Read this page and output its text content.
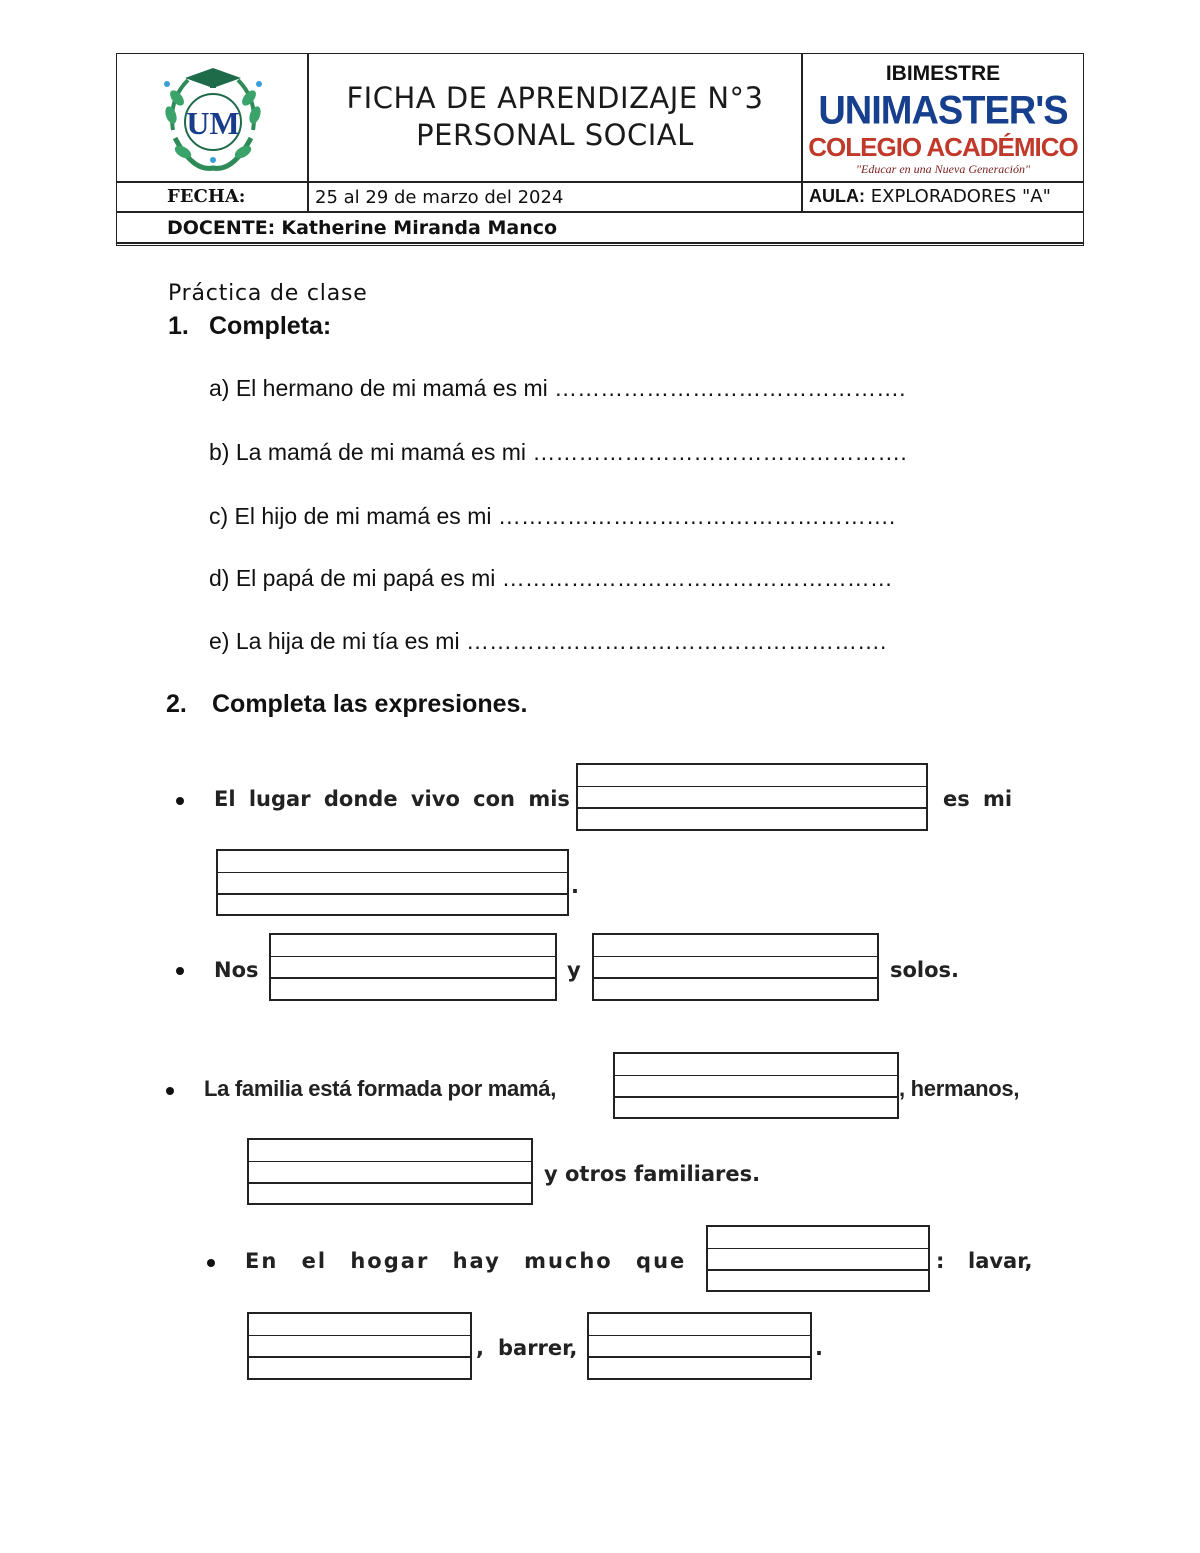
UM
FICHA DE APRENDIZAJE N°3
PERSONAL SOCIAL
IBIMESTRE
UNIMASTER'S
COLEGIO ACADÉMICO
"Educar en una Nueva Generación"
FECHA:	25 al 29 de marzo del 2024	AULA: EXPLORADORES "A"
DOCENTE: Katherine Miranda Manco
Práctica de clase
1. Completa:
a) El hermano de mi mamá es mi ……………………………………….
b) La mamá de mi mamá es mi ………………………………………….
c) El hijo de mi mamá es mi …………………………………………….
d) El papá de mi papá es mi ……………………………………………
e) La hija de mi tía es mi ……………………………………………….
2. Completa las expresiones.
El lugar donde vivo con mis	es mi
.
Nos	y	solos.
La familia está formada por mamá,	, hermanos,
y otros familiares.
En el hogar hay mucho que	: lavar,
, barrer,	.
